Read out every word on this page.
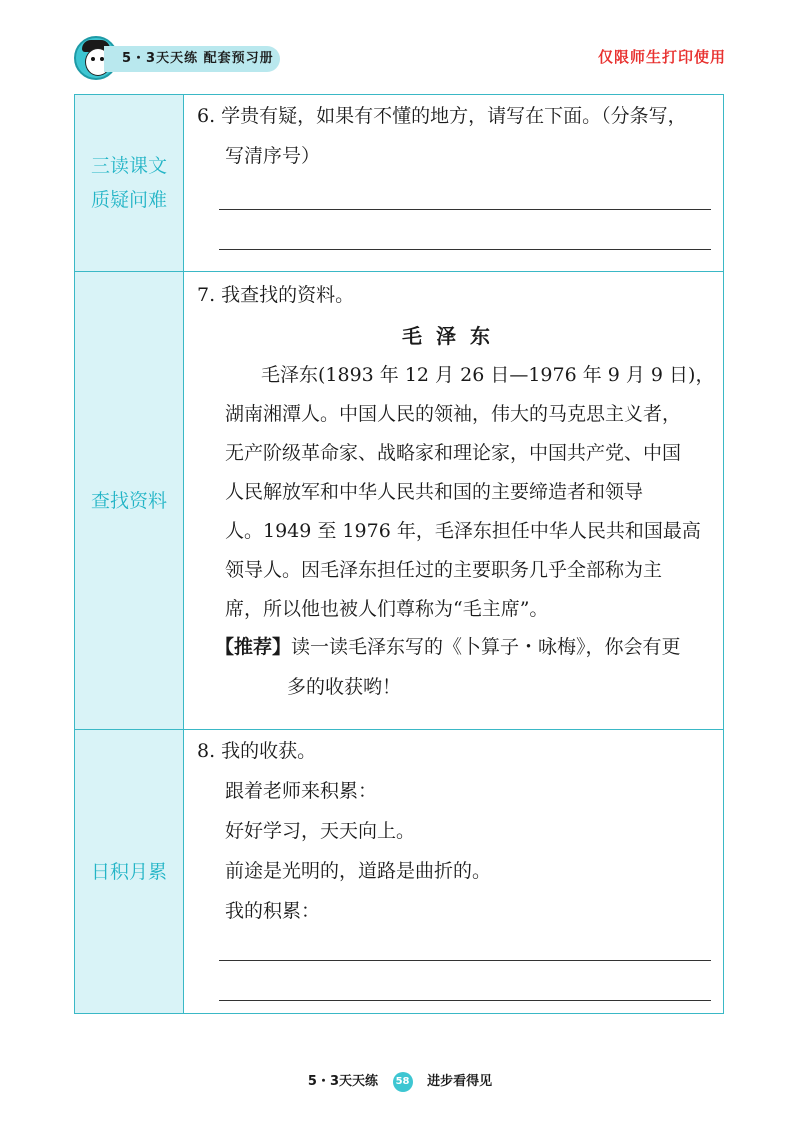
5・3天天练 配套预习册	仅限师生打印使用
三读课文
质疑问难
6. 学贵有疑，如果有不懂的地方，请写在下面。（分条写，
写清序号）
查找资料
7. 我查找的资料。
毛泽东
毛泽东(1893 年 12 月 26 日—1976 年 9 月 9 日)，
湖南湘潭人。中国人民的领袖，伟大的马克思主义者，
无产阶级革命家、战略家和理论家，中国共产党、中国
人民解放军和中华人民共和国的主要缔造者和领导
人。1949 至 1976 年，毛泽东担任中华人民共和国最高
领导人。因毛泽东担任过的主要职务几乎全部称为主
席，所以他也被人们尊称为“毛主席”。
【推荐】读一读毛泽东写的《卜算子・咏梅》，你会有更
多的收获哟！
日积月累
8. 我的收获。
跟着老师来积累：
好好学习，天天向上。
前途是光明的，道路是曲折的。
我的积累：
5・3天天练 58 进步看得见
